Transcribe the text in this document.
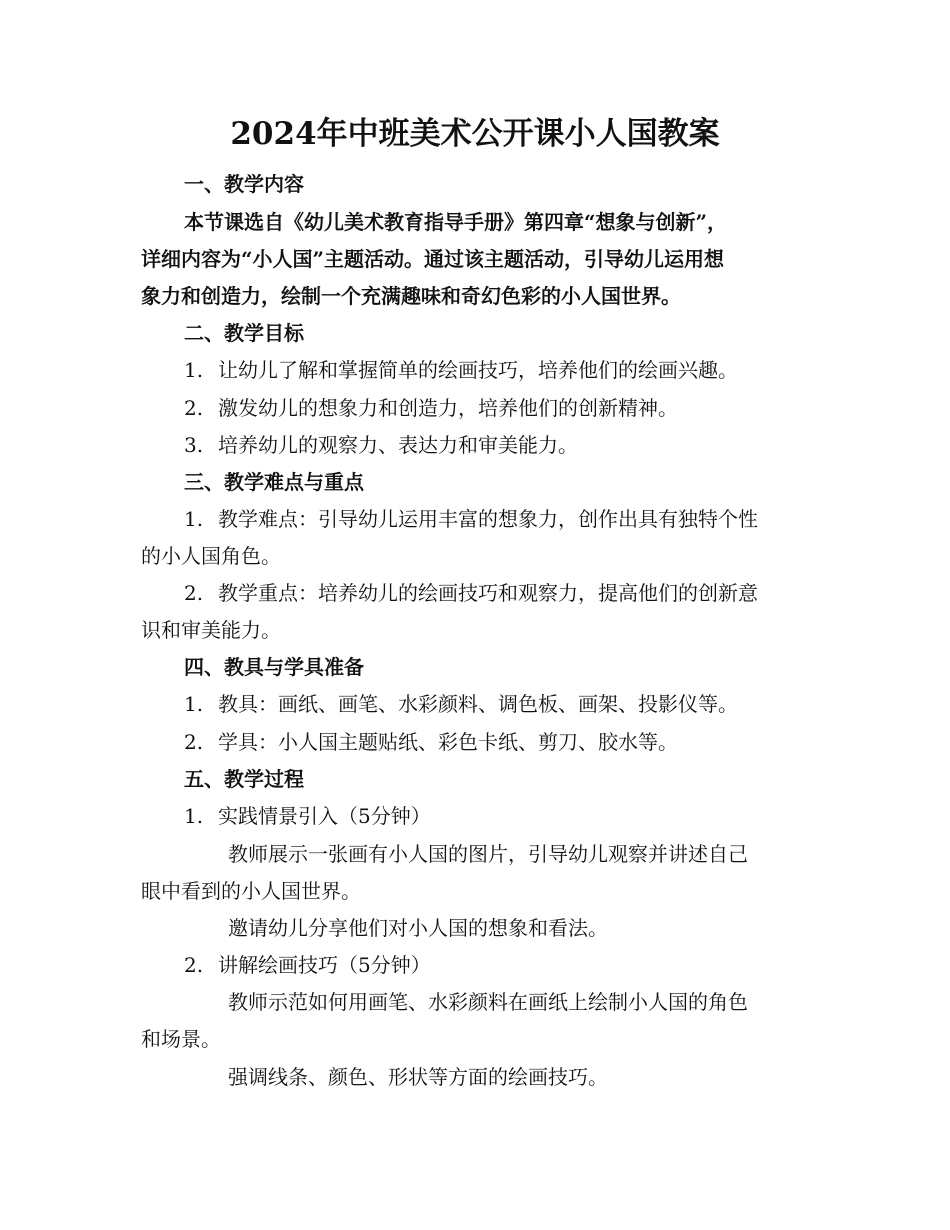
2024年中班美术公开课小人国教案

一、教学内容

本节课选自《幼儿美术教育指导手册》第四章“想象与创新”，

详细内容为“小人国”主题活动。通过该主题活动，引导幼儿运用想

象力和创造力，绘制一个充满趣味和奇幻色彩的小人国世界。

二、教学目标

1. 让幼儿了解和掌握简单的绘画技巧，培养他们的绘画兴趣。

2. 激发幼儿的想象力和创造力，培养他们的创新精神。

3. 培养幼儿的观察力、表达力和审美能力。

三、教学难点与重点

1. 教学难点：引导幼儿运用丰富的想象力，创作出具有独特个性

的小人国角色。

2. 教学重点：培养幼儿的绘画技巧和观察力，提高他们的创新意

识和审美能力。

四、教具与学具准备

1. 教具：画纸、画笔、水彩颜料、调色板、画架、投影仪等。

2. 学具：小人国主题贴纸、彩色卡纸、剪刀、胶水等。

五、教学过程

1. 实践情景引入（5分钟）

教师展示一张画有小人国的图片，引导幼儿观察并讲述自己

眼中看到的小人国世界。

邀请幼儿分享他们对小人国的想象和看法。

2. 讲解绘画技巧（5分钟）

教师示范如何用画笔、水彩颜料在画纸上绘制小人国的角色

和场景。

强调线条、颜色、形状等方面的绘画技巧。
